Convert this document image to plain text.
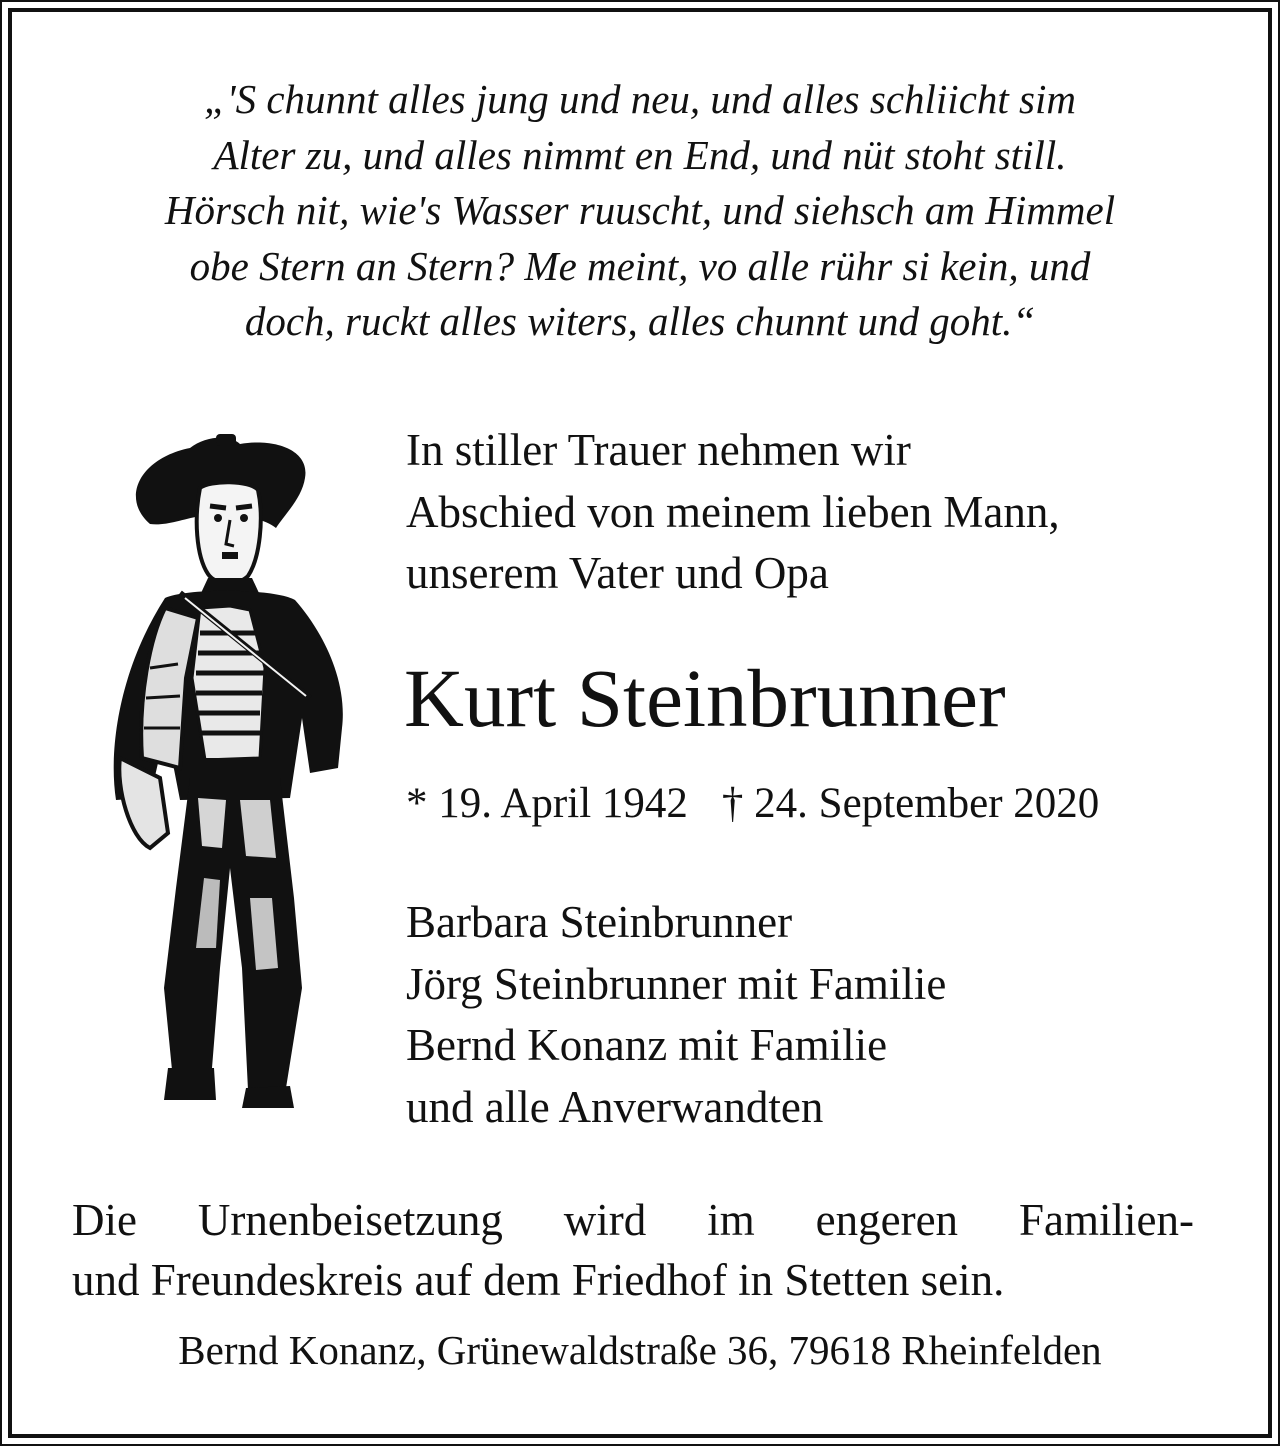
„'S chunnt alles jung und neu, und alles schliicht sim
Alter zu, und alles nimmt en End, und nüt stoht still.
Hörsch nit, wie's Wasser ruuscht, und siehsch am Himmel
obe Stern an Stern? Me meint, vo alle rühr si kein, und
doch, ruckt alles witers, alles chunnt und goht.“
In stiller Trauer nehmen wir
Abschied von meinem lieben Mann,
unserem Vater und Opa
Kurt Steinbrunner
* 19. April 1942 † 24. September 2020
Barbara Steinbrunner
Jörg Steinbrunner mit Familie
Bernd Konanz mit Familie
und alle Anverwandten
Die Urnenbeisetzung wird im engeren Familien-
und Freundeskreis auf dem Friedhof in Stetten sein.
Bernd Konanz, Grünewaldstraße 36, 79618 Rheinfelden
